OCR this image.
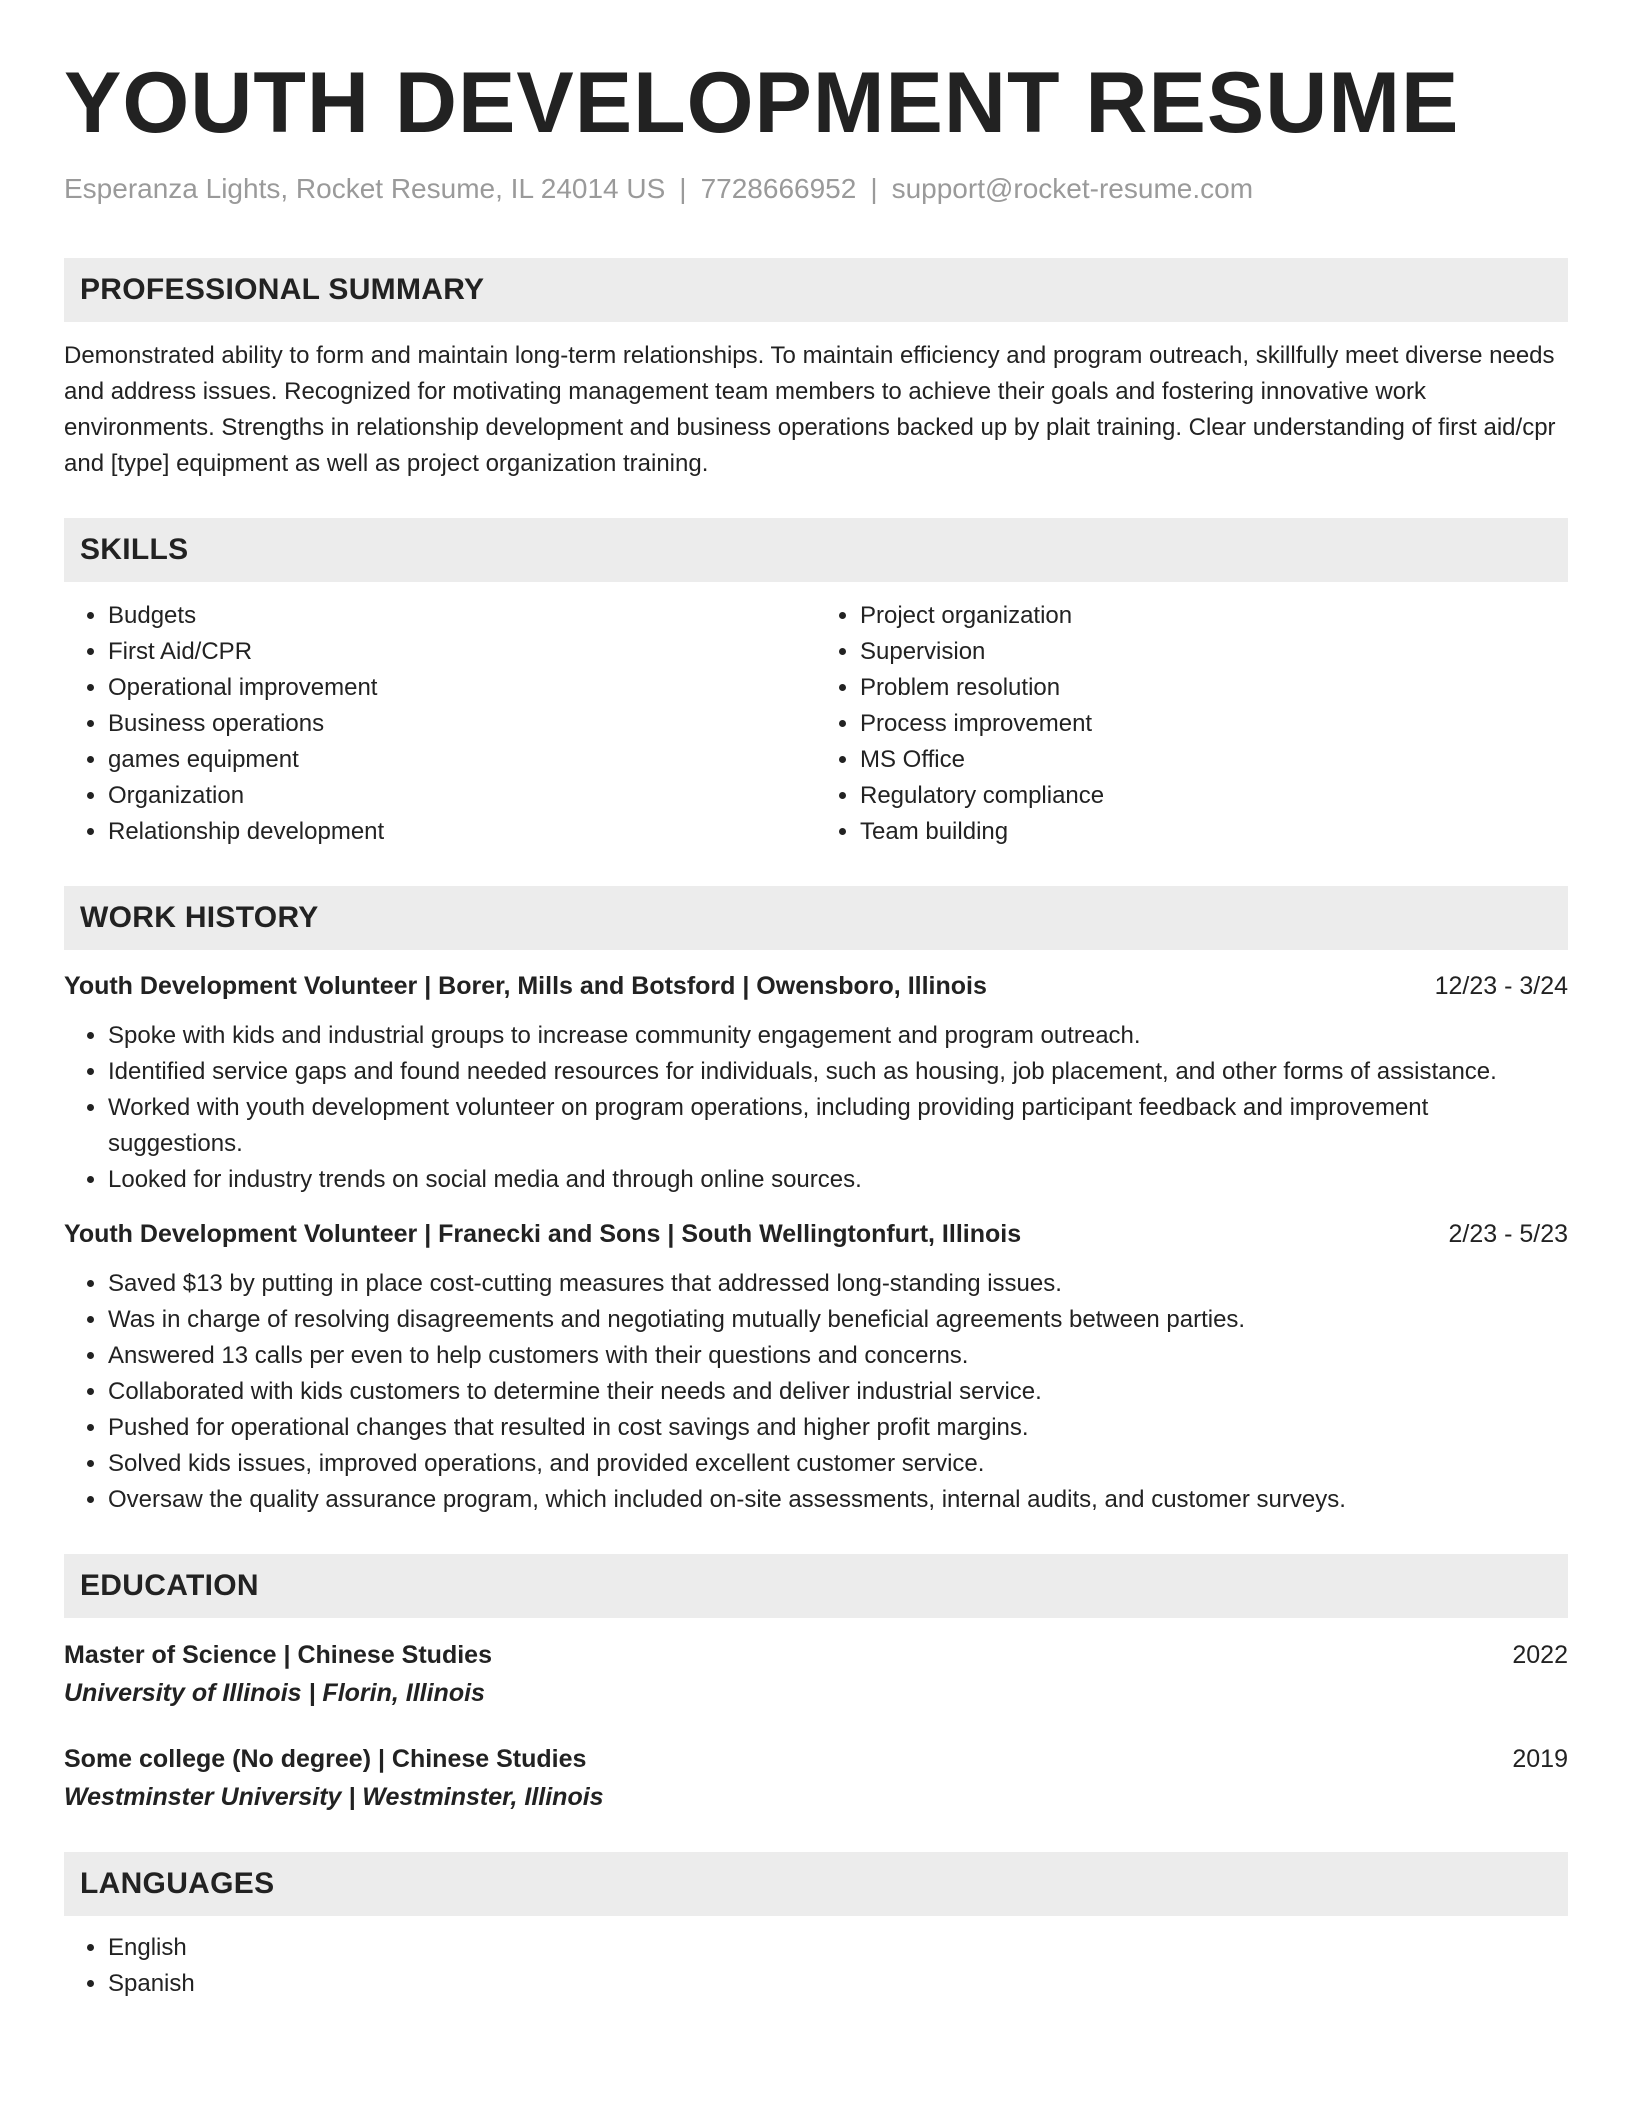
YOUTH DEVELOPMENT RESUME
Esperanza Lights, Rocket Resume, IL 24014 US | 7728666952 | support@rocket-resume.com
PROFESSIONAL SUMMARY
Demonstrated ability to form and maintain long-term relationships. To maintain efficiency and program outreach, skillfully meet diverse needs and address issues. Recognized for motivating management team members to achieve their goals and fostering innovative work environments. Strengths in relationship development and business operations backed up by plait training. Clear understanding of first aid/cpr and [type] equipment as well as project organization training.
SKILLS
• Budgets
• First Aid/CPR
• Operational improvement
• Business operations
• games equipment
• Organization
• Relationship development
• Project organization
• Supervision
• Problem resolution
• Process improvement
• MS Office
• Regulatory compliance
• Team building
WORK HISTORY
Youth Development Volunteer | Borer, Mills and Botsford | Owensboro, Illinois	12/23 - 3/24
• Spoke with kids and industrial groups to increase community engagement and program outreach.
• Identified service gaps and found needed resources for individuals, such as housing, job placement, and other forms of assistance.
• Worked with youth development volunteer on program operations, including providing participant feedback and improvement suggestions.
• Looked for industry trends on social media and through online sources.
Youth Development Volunteer | Franecki and Sons | South Wellingtonfurt, Illinois	2/23 - 5/23
• Saved $13 by putting in place cost-cutting measures that addressed long-standing issues.
• Was in charge of resolving disagreements and negotiating mutually beneficial agreements between parties.
• Answered 13 calls per even to help customers with their questions and concerns.
• Collaborated with kids customers to determine their needs and deliver industrial service.
• Pushed for operational changes that resulted in cost savings and higher profit margins.
• Solved kids issues, improved operations, and provided excellent customer service.
• Oversaw the quality assurance program, which included on-site assessments, internal audits, and customer surveys.
EDUCATION
Master of Science | Chinese Studies	2022
University of Illinois | Florin, Illinois
Some college (No degree) | Chinese Studies	2019
Westminster University | Westminster, Illinois
LANGUAGES
• English
• Spanish
